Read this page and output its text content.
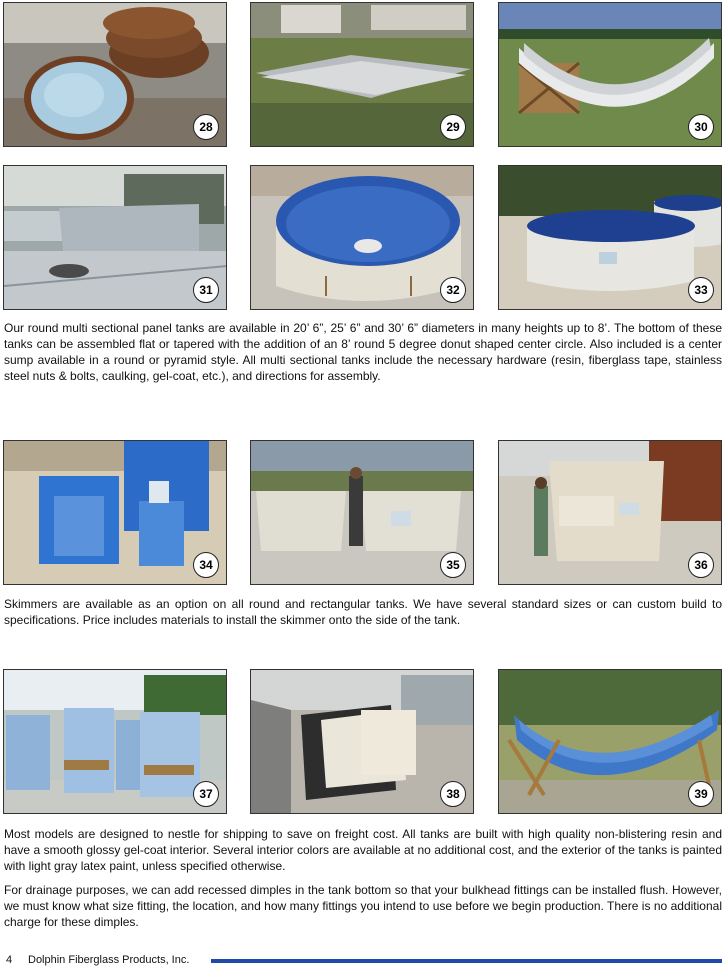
28	29	30
31	32	33

Our round multi sectional panel tanks are available in 20’ 6”, 25’ 6” and 30’ 6” diameters in many heights up to 8’. The bottom of these tanks can be assembled flat or tapered with the addition of an 8’ round 5 degree donut shaped center circle. Also included is a center sump available in a round or pyramid style. All multi sectional tanks include the necessary hardware (resin, fiberglass tape, stainless steel nuts & bolts, caulking, gel-coat, etc.), and directions for assembly.

34	35	36

Skimmers are available as an option on all round and rectangular tanks. We have several standard sizes or can custom build to specifications. Price includes materials to install the skimmer onto the side of the tank.

37	38	39

Most models are designed to nestle for shipping to save on freight cost. All tanks are built with high quality non-blistering resin and have a smooth glossy gel-coat interior. Several interior colors are available at no additional cost, and the exterior of the tanks is painted with light gray latex paint, unless specified otherwise.

For drainage purposes, we can add recessed dimples in the tank bottom so that your bulkhead fittings can be installed flush. However, we must know what size fitting, the location, and how many fittings you intend to use before we begin production. There is no additional charge for these dimples.

4 Dolphin Fiberglass Products, Inc.
